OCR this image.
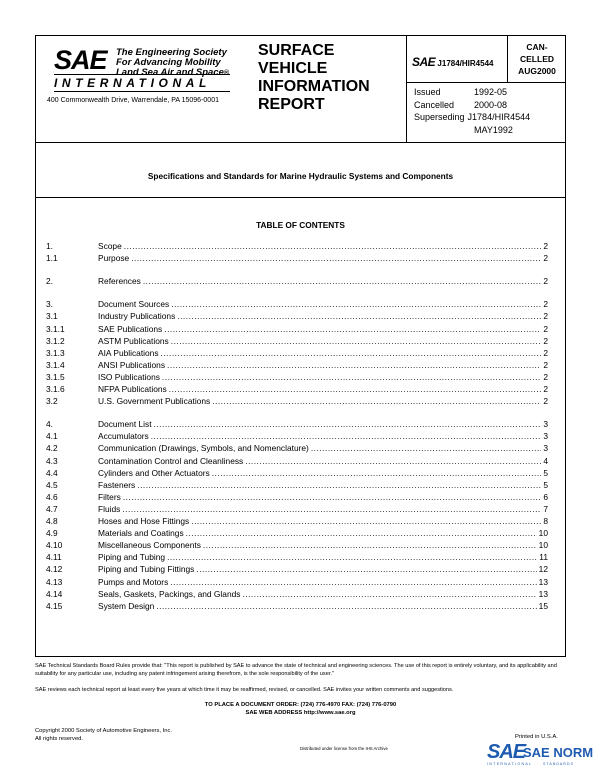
SAE The Engineering Society
For Advancing Mobility
Land Sea Air and Space®
INTERNATIONAL
400 Commonwealth Drive, Warrendale, PA 15096-0001
SURFACE
VEHICLE
INFORMATION
REPORT
SAE J1784/HIR4544
CAN-
CELLED
AUG2000
Issued	1992-05
Cancelled	2000-08
Superseding J1784/HIR4544
MAY1992
Specifications and Standards for Marine Hydraulic Systems and Components
TABLE OF CONTENTS
1.	Scope .....	2
1.1	Purpose .....	2
2.	References .....	2
3.	Document Sources .....	2
3.1	Industry Publications .....	2
3.1.1	SAE Publications .....	2
3.1.2	ASTM Publications .....	2
3.1.3	AIA Publications .....	2
3.1.4	ANSI Publications .....	2
3.1.5	ISO Publications .....	2
3.1.6	NFPA Publications .....	2
3.2	U.S. Government Publications .....	2
4.	Document List .....	3
4.1	Accumulators .....	3
4.2	Communication (Drawings, Symbols, and Nomenclature) .....	3
4.3	Contamination Control and Cleanliness .....	4
4.4	Cylinders and Other Actuators .....	5
4.5	Fasteners .....	5
4.6	Filters .....	6
4.7	Fluids .....	7
4.8	Hoses and Hose Fittings .....	8
4.9	Materials and Coatings .....	10
4.10	Miscellaneous Components .....	10
4.11	Piping and Tubing .....	11
4.12	Piping and Tubing Fittings .....	12
4.13	Pumps and Motors .....	13
4.14	Seals, Gaskets, Packings, and Glands .....	13
4.15	System Design .....	15
SAE Technical Standards Board Rules provide that: "This report is published by SAE to advance the state of technical and engineering sciences. The use of this report is entirely voluntary, and its applicability and suitability for any particular use, including any patent infringement arising therefrom, is the sole responsibility of the user."
SAE reviews each technical report at least every five years at which time it may be reaffirmed, revised, or cancelled. SAE invites your written comments and suggestions.
TO PLACE A DOCUMENT ORDER: (724) 776-4970 FAX: (724) 776-0790
SAE WEB ADDRESS http://www.sae.org
Copyright 2000 Society of Automotive Engineers, Inc.
All rights reserved.
Distributed under license from the IHS Archive
Printed in U.S.A.
SAE
SAE NORM
INTERNATIONAL	STANDARDS
